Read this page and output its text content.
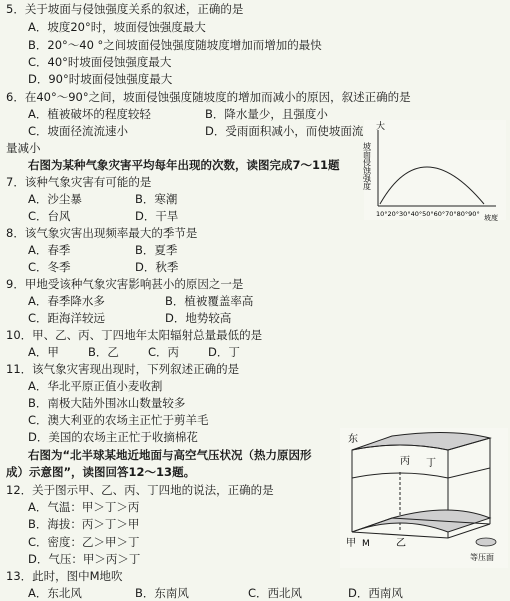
5．关于坡面与侵蚀强度关系的叙述，正确的是
A．坡度20°时，坡面侵蚀强度最大
B．20°～40 °之间坡面侵蚀强度随坡度增加而增加的最快
C．40°时坡面侵蚀强度最大
D．90°时坡面侵蚀强度最大
6．在40°～90°之间，坡面侵蚀强度随坡度的增加而减小的原因，叙述正确的是
A．植被破坏的程度较轻	B．降水量少，且强度小
C．坡面径流流速小	D．受雨面积减小，而使坡面流
量减小
大
坡面侵蚀强度
10°20°30°40°50°60°70°80°90° 坡度
右图为某种气象灾害平均每年出现的次数，读图完成7～11题
7．该种气象灾害有可能的是
A．沙尘暴	B．寒潮
C．台风	D．干旱
8．该气象灾害出现频率最大的季节是
A．春季	B．夏季
C．冬季	D．秋季
9．甲地受该种气象灾害影响甚小的原因之一是
A．春季降水多	B．植被覆盖率高
C．距海洋较远	D．地势较高
10．甲、乙、丙、丁四地年太阳辐射总量最低的是
A．甲	B．乙	C．丙	D．丁
11．该气象灾害现出现时，下列叙述正确的是
A．华北平原正值小麦收割
B．南极大陆外围冰山数量较多
C．澳大利亚的农场主正忙于剪羊毛
D．美国的农场主正忙于收摘棉花
右图为“北半球某地近地面与高空气压状况（热力原因形
成）示意图”，读图回答12～13题。
12．关于图示甲、乙、丙、丁四地的说法，正确的是
A．气温：甲＞丁＞丙
B．海拔：丙＞丁＞甲
C．密度：乙＞甲＞丁
D．气压：甲＞丙＞丁
13．此时，图中M地吹
A．东北风	B．东南风	C．西北风	D．西南风
东
丙 丁
甲 M	乙
等压面
